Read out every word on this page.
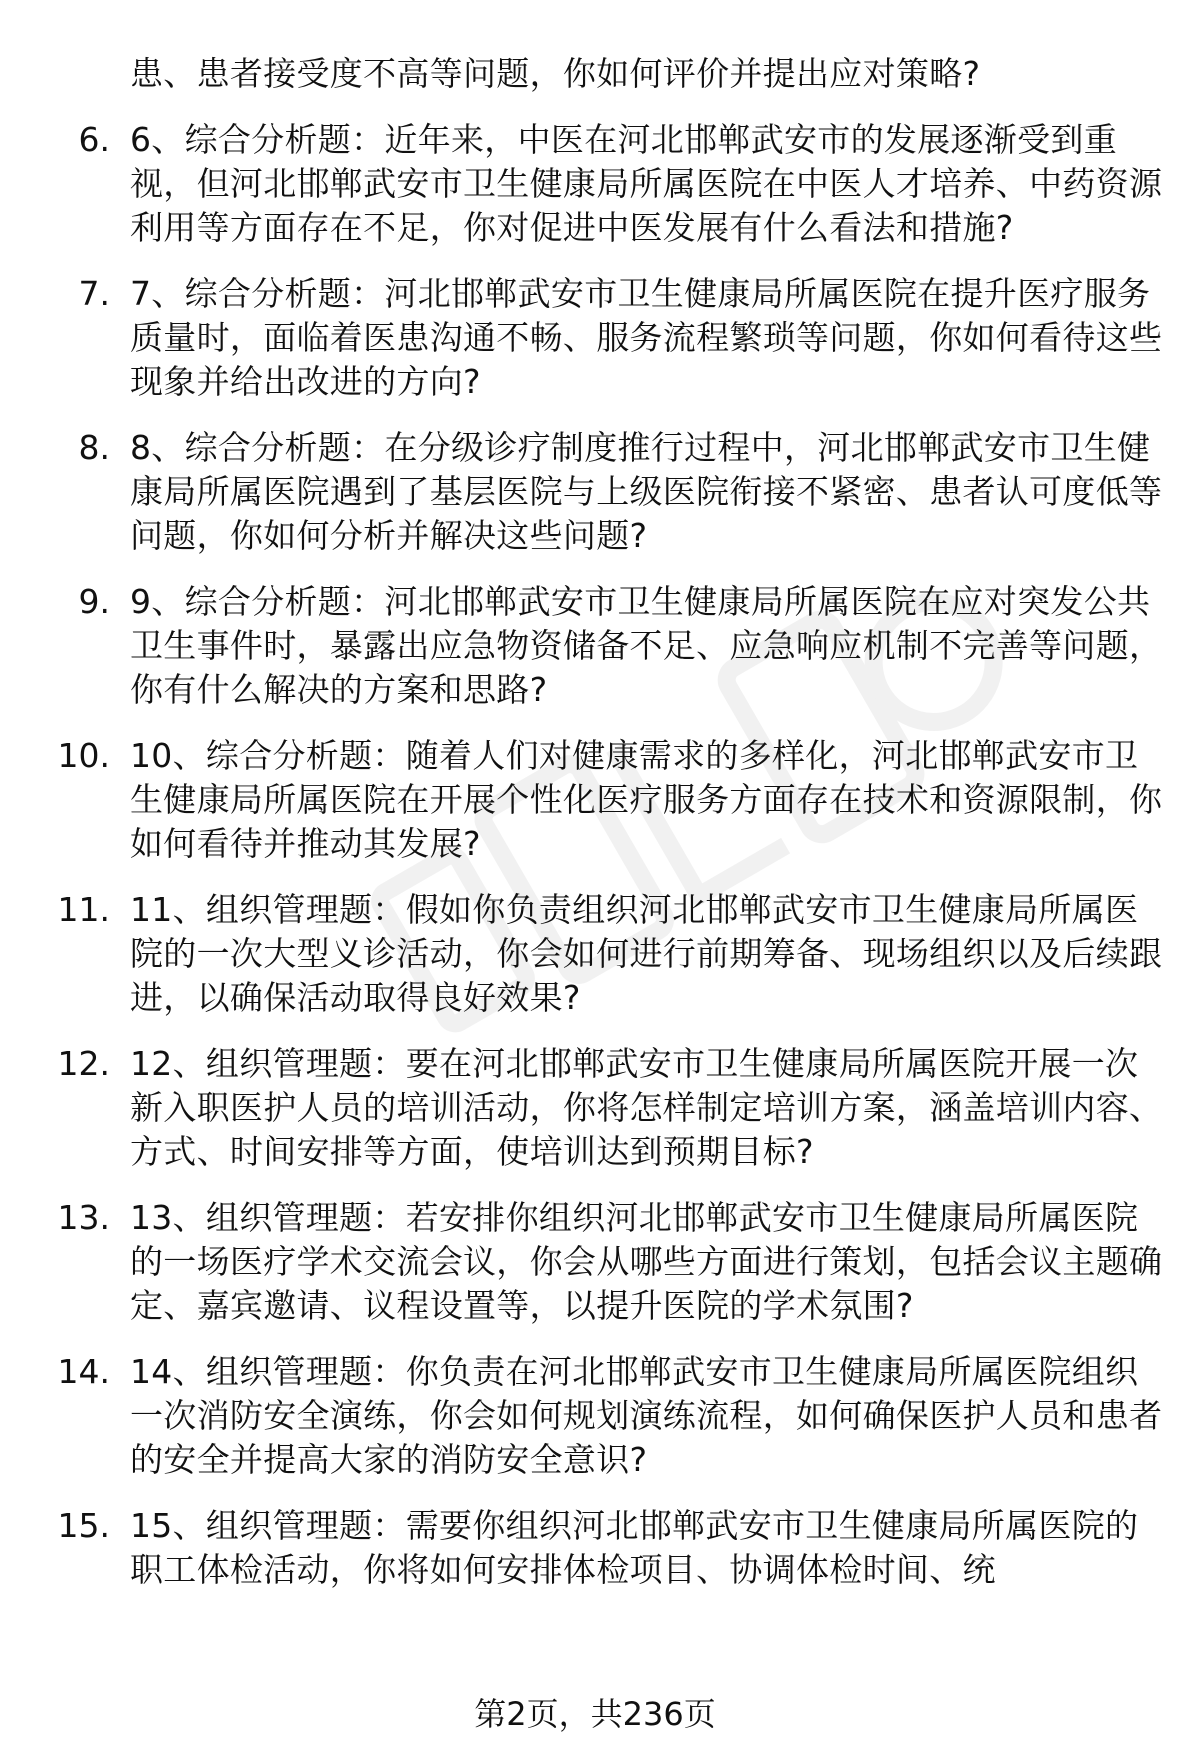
患、患者接受度不高等问题，你如何评价并提出应对策略?
6. 6、综合分析题：近年来，中医在河北邯郸武安市的发展逐渐受到重视，但河北邯郸武安市卫生健康局所属医院在中医人才培养、中药资源利用等方面存在不足，你对促进中医发展有什么看法和措施?
7. 7、综合分析题：河北邯郸武安市卫生健康局所属医院在提升医疗服务质量时，面临着医患沟通不畅、服务流程繁琐等问题，你如何看待这些现象并给出改进的方向?
8. 8、综合分析题：在分级诊疗制度推行过程中，河北邯郸武安市卫生健康局所属医院遇到了基层医院与上级医院衔接不紧密、患者认可度低等问题，你如何分析并解决这些问题?
9. 9、综合分析题：河北邯郸武安市卫生健康局所属医院在应对突发公共卫生事件时，暴露出应急物资储备不足、应急响应机制不完善等问题，你有什么解决的方案和思路?
10. 10、综合分析题：随着人们对健康需求的多样化，河北邯郸武安市卫生健康局所属医院在开展个性化医疗服务方面存在技术和资源限制，你如何看待并推动其发展?
11. 11、组织管理题：假如你负责组织河北邯郸武安市卫生健康局所属医院的一次大型义诊活动，你会如何进行前期筹备、现场组织以及后续跟进，以确保活动取得良好效果?
12. 12、组织管理题：要在河北邯郸武安市卫生健康局所属医院开展一次新入职医护人员的培训活动，你将怎样制定培训方案，涵盖培训内容、方式、时间安排等方面，使培训达到预期目标?
13. 13、组织管理题：若安排你组织河北邯郸武安市卫生健康局所属医院的一场医疗学术交流会议，你会从哪些方面进行策划，包括会议主题确定、嘉宾邀请、议程设置等，以提升医院的学术氛围?
14. 14、组织管理题：你负责在河北邯郸武安市卫生健康局所属医院组织一次消防安全演练，你会如何规划演练流程，如何确保医护人员和患者的安全并提高大家的消防安全意识?
15. 15、组织管理题：需要你组织河北邯郸武安市卫生健康局所属医院的职工体检活动，你将如何安排体检项目、协调体检时间、统
第2页，共236页
